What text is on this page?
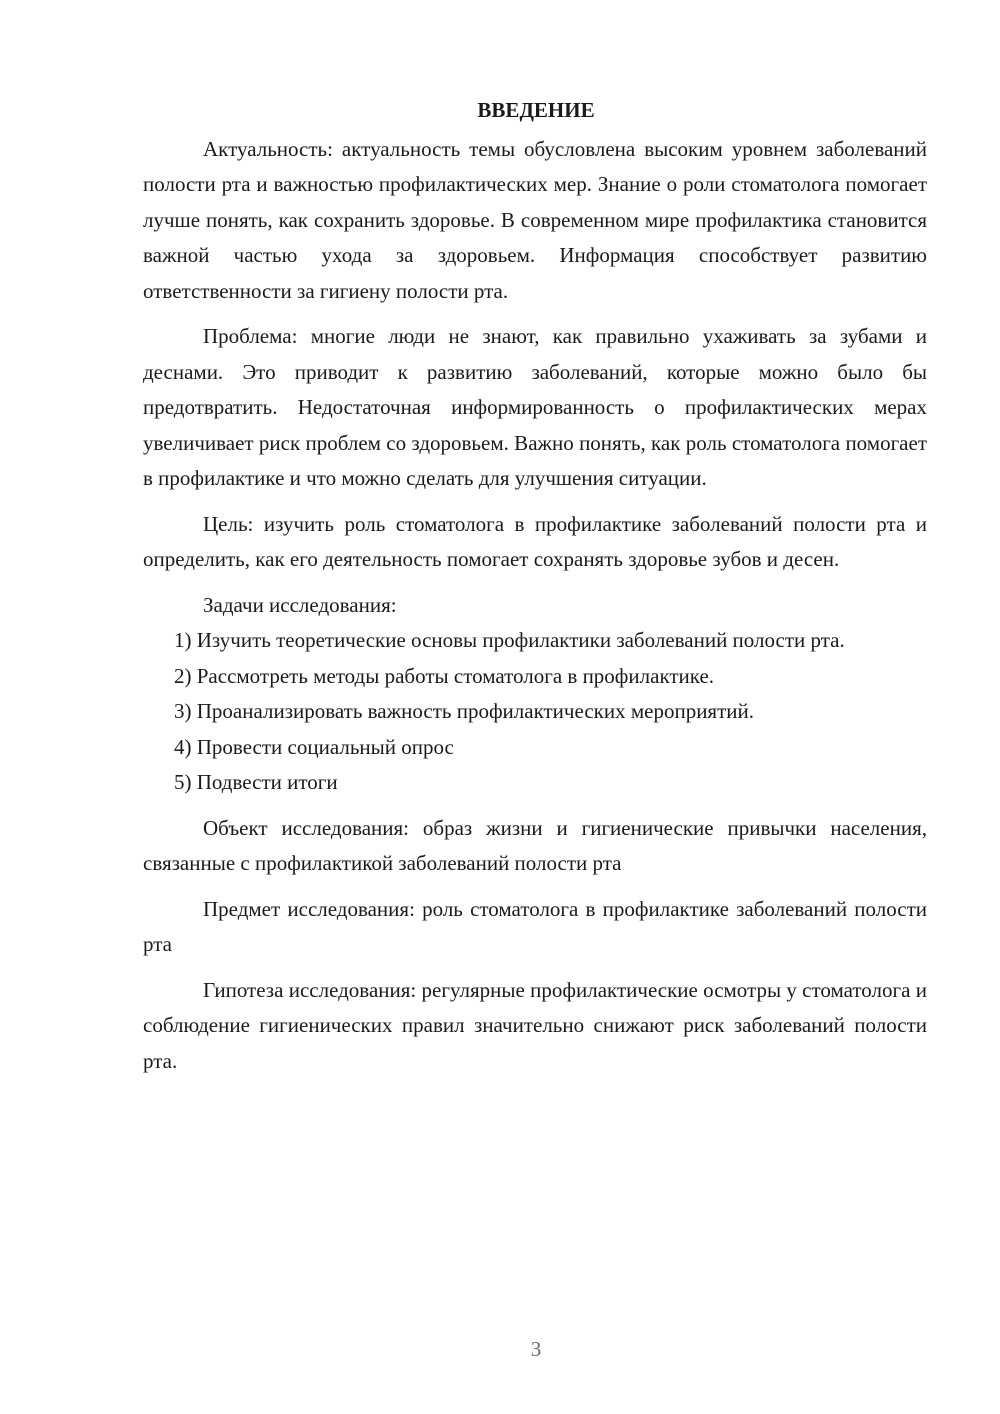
ВВЕДЕНИЕ

Актуальность: актуальность темы обусловлена высоким уровнем заболеваний полости рта и важностью профилактических мер. Знание о роли стоматолога помогает лучше понять, как сохранить здоровье. В современном мире профилактика становится важной частью ухода за здоровьем. Информация способствует развитию ответственности за гигиену полости рта.

Проблема: многие люди не знают, как правильно ухаживать за зубами и деснами. Это приводит к развитию заболеваний, которые можно было бы предотвратить. Недостаточная информированность о профилактических мерах увеличивает риск проблем со здоровьем. Важно понять, как роль стоматолога помогает в профилактике и что можно сделать для улучшения ситуации.

Цель: изучить роль стоматолога в профилактике заболеваний полости рта и определить, как его деятельность помогает сохранять здоровье зубов и десен.

Задачи исследования:

1) Изучить теоретические основы профилактики заболеваний полости рта.

2) Рассмотреть методы работы стоматолога в профилактике.

3) Проанализировать важность профилактических мероприятий.

4) Провести социальный опрос

5) Подвести итоги

Объект исследования: образ жизни и гигиенические привычки населения, связанные с профилактикой заболеваний полости рта

Предмет исследования: роль стоматолога в профилактике заболеваний полости рта

Гипотеза исследования: регулярные профилактические осмотры у стоматолога и соблюдение гигиенических правил значительно снижают риск заболеваний полости рта.

3
